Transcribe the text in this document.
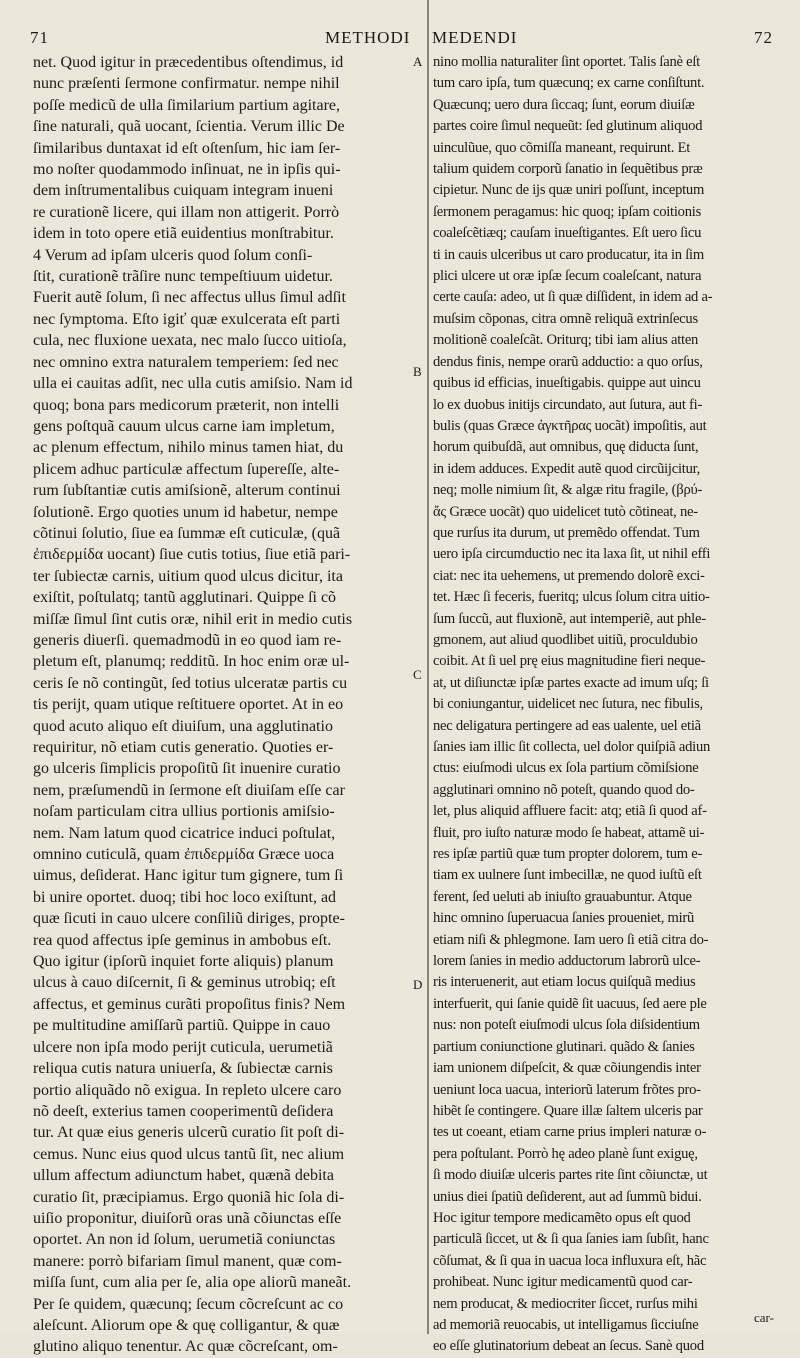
71	METHODI MEDENDI	72
A
B
C
D
net. Quod igitur in præcedentibus oſtendimus, id
nunc præſenti ſermone confirmatur. nempe nihil
poſſe medicũ de ulla ſimilarium partium agitare,
ſine naturali, quã uocant, ſcientia. Verum illic De
ſimilaribus duntaxat id eſt oſtenſum, hic iam ſer-
mo noſter quodammodo inſinuat, ne in ipſis qui-
dem inſtrumentalibus cuiquam integram inueni
re curationẽ licere, qui illam non attigerit. Porrò
idem in toto opere etiã euidentius monſtrabitur.
4 Verum ad ipſam ulceris quod ſolum conſi-
ſtit, curationẽ trãſire nunc tempeſtiuum uidetur.
Fuerit autẽ ſolum, ſi nec affectus ullus ſimul adſit
nec ſymptoma. Eſto igiť quæ exulcerata eſt parti
cula, nec fluxione uexata, nec malo ſucco uitioſa,
nec omnino extra naturalem temperiem: ſed nec
ulla ei cauitas adſit, nec ulla cutis amiſsio. Nam id
quoq; bona pars medicorum præterit, non intelli
gens poſtquã cauum ulcus carne iam impletum,
ac plenum effectum, nihilo minus tamen hiat, du
plicem adhuc particulæ affectum ſupereſſe, alte-
rum ſubſtantiæ cutis amiſsionẽ, alterum continui
ſolutionẽ. Ergo quoties unum id habetur, nempe
cõtinui ſolutio, ſiue ea ſummæ eſt cuticulæ, (quã
ἐπιδερμίδα uocant) ſiue cutis totius, ſiue etiã pari-
ter ſubiectæ carnis, uitium quod ulcus dicitur, ita
exiſtit, poſtulatq; tantũ agglutinari. Quippe ſi cõ
miſſæ ſimul ſint cutis oræ, nihil erit in medio cutis
generis diuerſi. quemadmodũ in eo quod iam re-
pletum eſt, planumq; redditũ. In hoc enim oræ ul-
ceris ſe nõ contingũt, ſed totius ulceratæ partis cu
tis perijt, quam utique reſtituere oportet. At in eo
quod acuto aliquo eſt diuiſum, una agglutinatio
requiritur, nõ etiam cutis generatio. Quoties er-
go ulceris ſimplicis propoſitũ ſit inuenire curatio
nem, præſumendũ in ſermone eſt diuiſam eſſe car
noſam particulam citra ullius portionis amiſsio-
nem. Nam latum quod cicatrice induci poſtulat,
omnino cuticulã, quam ἐπιδερμίδα Græce uoca
uimus, deſiderat. Hanc igitur tum gignere, tum ſi
bi unire oportet. duoq; tibi hoc loco exiſtunt, ad
quæ ſicuti in cauo ulcere conſiliũ diriges, propte-
rea quod affectus ipſe geminus in ambobus eſt.
Quo igitur (ipſorũ inquiet forte aliquis) planum
ulcus à cauo diſcernit, ſi & geminus utrobiq; eſt
affectus, et geminus curãti propoſitus finis? Nem
pe multitudine amiſſarũ partiũ. Quippe in cauo
ulcere non ipſa modo perijt cuticula, uerumetiã
reliqua cutis natura uniuerſa, & ſubiectæ carnis
portio aliquãdo nõ exigua. In repleto ulcere caro
nõ deeſt, exterius tamen cooperimentũ deſidera
tur. At quæ eius generis ulcerũ curatio ſit poſt di-
cemus. Nunc eius quod ulcus tantũ ſit, nec alium
ullum affectum adiunctum habet, quænã debita
curatio ſit, præcipiamus. Ergo quoniã hic ſola di-
uiſio proponitur, diuiſorũ oras unã cõiunctas eſſe
oportet. An non id ſolum, uerumetiã coniunctas
manere: porrò bifariam ſimul manent, quæ com-
miſſa ſunt, cum alia per ſe, alia ope aliorũ maneãt.
Per ſe quidem, quæcunq; ſecum cõcreſcunt ac co
aleſcunt. Aliorum ope & quę colligantur, & quæ
glutino aliquo tenentur. Ac quæ cõcreſcant, om-
nino mollia naturaliter ſint oportet. Talis ſanè eſt
tum caro ipſa, tum quæcunq; ex carne conſiſtunt.
Quæcunq; uero dura ſiccaq; ſunt, eorum diuiſæ
partes coire ſimul nequeũt: ſed glutinum aliquod
uinculũue, quo cõmiſſa maneant, requirunt. Et
talium quidem corporũ ſanatio in ſequẽtibus præ
cipietur. Nunc de ijs quæ uniri poſſunt, inceptum
ſermonem peragamus: hic quoq; ipſam coitionis
coaleſcẽtiæq; cauſam inueſtigantes. Eſt uero ſicu
ti in cauis ulceribus ut caro producatur, ita in ſim
plici ulcere ut oræ ipſæ ſecum coaleſcant, natura
certe cauſa: adeo, ut ſi quæ diſſident, in idem ad a-
muſsim cõponas, citra omnẽ reliquã extrinſecus
molitionẽ coaleſcãt. Oriturq; tibi iam alius atten
dendus finis, nempe orarũ adductio: a quo orſus,
quibus id efficias, inueſtigabis. quippe aut uincu
lo ex duobus initijs circundato, aut ſutura, aut fi-
bulis (quas Græce ἀγκτῆρας uocãt) impoſitis, aut
horum quibuſdã, aut omnibus, quę diducta ſunt,
in idem adduces. Expedit autẽ quod circũijcitur,
neq; molle nimium ſit, & algæ ritu fragile, (βρύ-
ἄς Græce uocãt) quo uidelicet tutò cõtineat, ne-
que rurſus ita durum, ut premẽdo offendat. Tum
uero ipſa circumductio nec ita laxa ſit, ut nihil effi
ciat: nec ita uehemens, ut premendo dolorẽ exci-
tet. Hæc ſi feceris, fueritq; ulcus ſolum citra uitio-
ſum ſuccũ, aut fluxionẽ, aut intemperiẽ, aut phle-
gmonem, aut aliud quodlibet uitiũ, proculdubio
coibit. At ſi uel prę eius magnitudine fieri neque-
at, ut diſiunctæ ipſæ partes exacte ad imum uſq; ſi
bi coniungantur, uidelicet nec ſutura, nec fibulis,
nec deligatura pertingere ad eas ualente, uel etiã
ſanies iam illic ſit collecta, uel dolor quiſpiã adiun
ctus: eiuſmodi ulcus ex ſola partium cõmiſsione
agglutinari omnino nõ poteſt, quando quod do-
let, plus aliquid affluere facit: atq; etiã ſi quod af-
fluit, pro iuſto naturæ modo ſe habeat, attamẽ ui-
res ipſæ partiũ quæ tum propter dolorem, tum e-
tiam ex uulnere ſunt imbecillæ, ne quod iuſtũ eſt
ferent, ſed ueluti ab iniuſto grauabuntur. Atque
hinc omnino ſuperuacua ſanies proueniet, mirũ
etiam niſi & phlegmone. Iam uero ſi etiã citra do-
lorem ſanies in medio adductorum labrorũ ulce-
ris interuenerit, aut etiam locus quiſquã medius
interfuerit, qui ſanie quidẽ ſit uacuus, ſed aere ple
nus: non poteſt eiuſmodi ulcus ſola diſsidentium
partium coniunctione glutinari. quãdo & ſanies
iam unionem diſpeſcit, & quæ cõiungendis inter
ueniunt loca uacua, interiorũ laterum frõtes pro-
hibẽt ſe contingere. Quare illæ ſaltem ulceris par
tes ut coeant, etiam carne prius impleri naturæ o-
pera poſtulant. Porrò hę adeo planè ſunt exiguę,
ſi modo diuiſæ ulceris partes rite ſint cõiunctæ, ut
unius diei ſpatiũ deſiderent, aut ad ſummũ bidui.
Hoc igitur tempore medicamẽto opus eſt quod
particulã ſiccet, ut & ſi qua ſanies iam ſubſit, hanc
cõſumat, & ſi qua in uacua loca influxura eſt, hãc
prohibeat. Nunc igitur medicamentũ quod car-
nem producat, & mediocriter ſiccet, rurſus mihi
ad memoriã reuocabis, ut intelligamus ſicciuſne
eo eſſe glutinatorium debeat an ſecus. Sanè quod
car-
